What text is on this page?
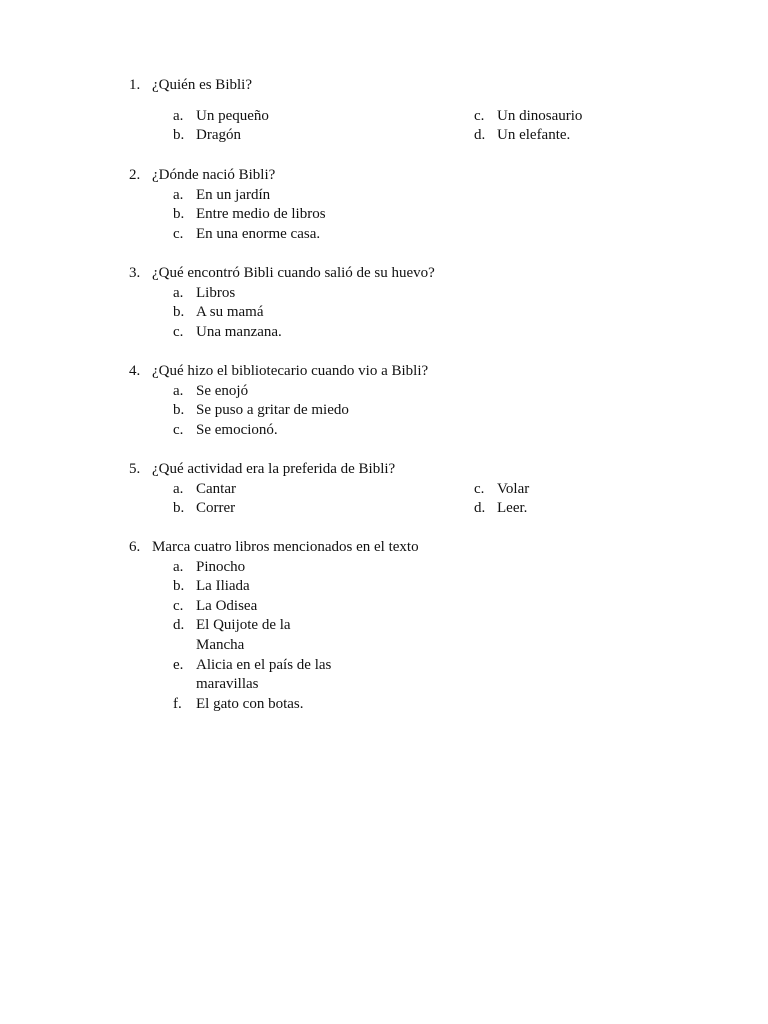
1. ¿Quién es Bibli?
a. Un pequeño
b. Dragón
c. Un dinosaurio
d. Un elefante.
2. ¿Dónde nació Bibli?
a. En un jardín
b. Entre medio de libros
c. En una enorme casa.
3. ¿Qué encontró Bibli cuando salió de su huevo?
a. Libros
b. A su mamá
c. Una manzana.
4. ¿Qué hizo el bibliotecario cuando vio a Bibli?
a. Se enojó
b. Se puso a gritar de miedo
c. Se emocionó.
5. ¿Qué actividad era la preferida de Bibli?
a. Cantar
b. Correr
c. Volar
d. Leer.
6. Marca cuatro libros mencionados en el texto
a. Pinocho
b. La Iliada
c. La Odisea
d. El Quijote de la Mancha
e. Alicia en el país de las maravillas
f. El gato con botas.
